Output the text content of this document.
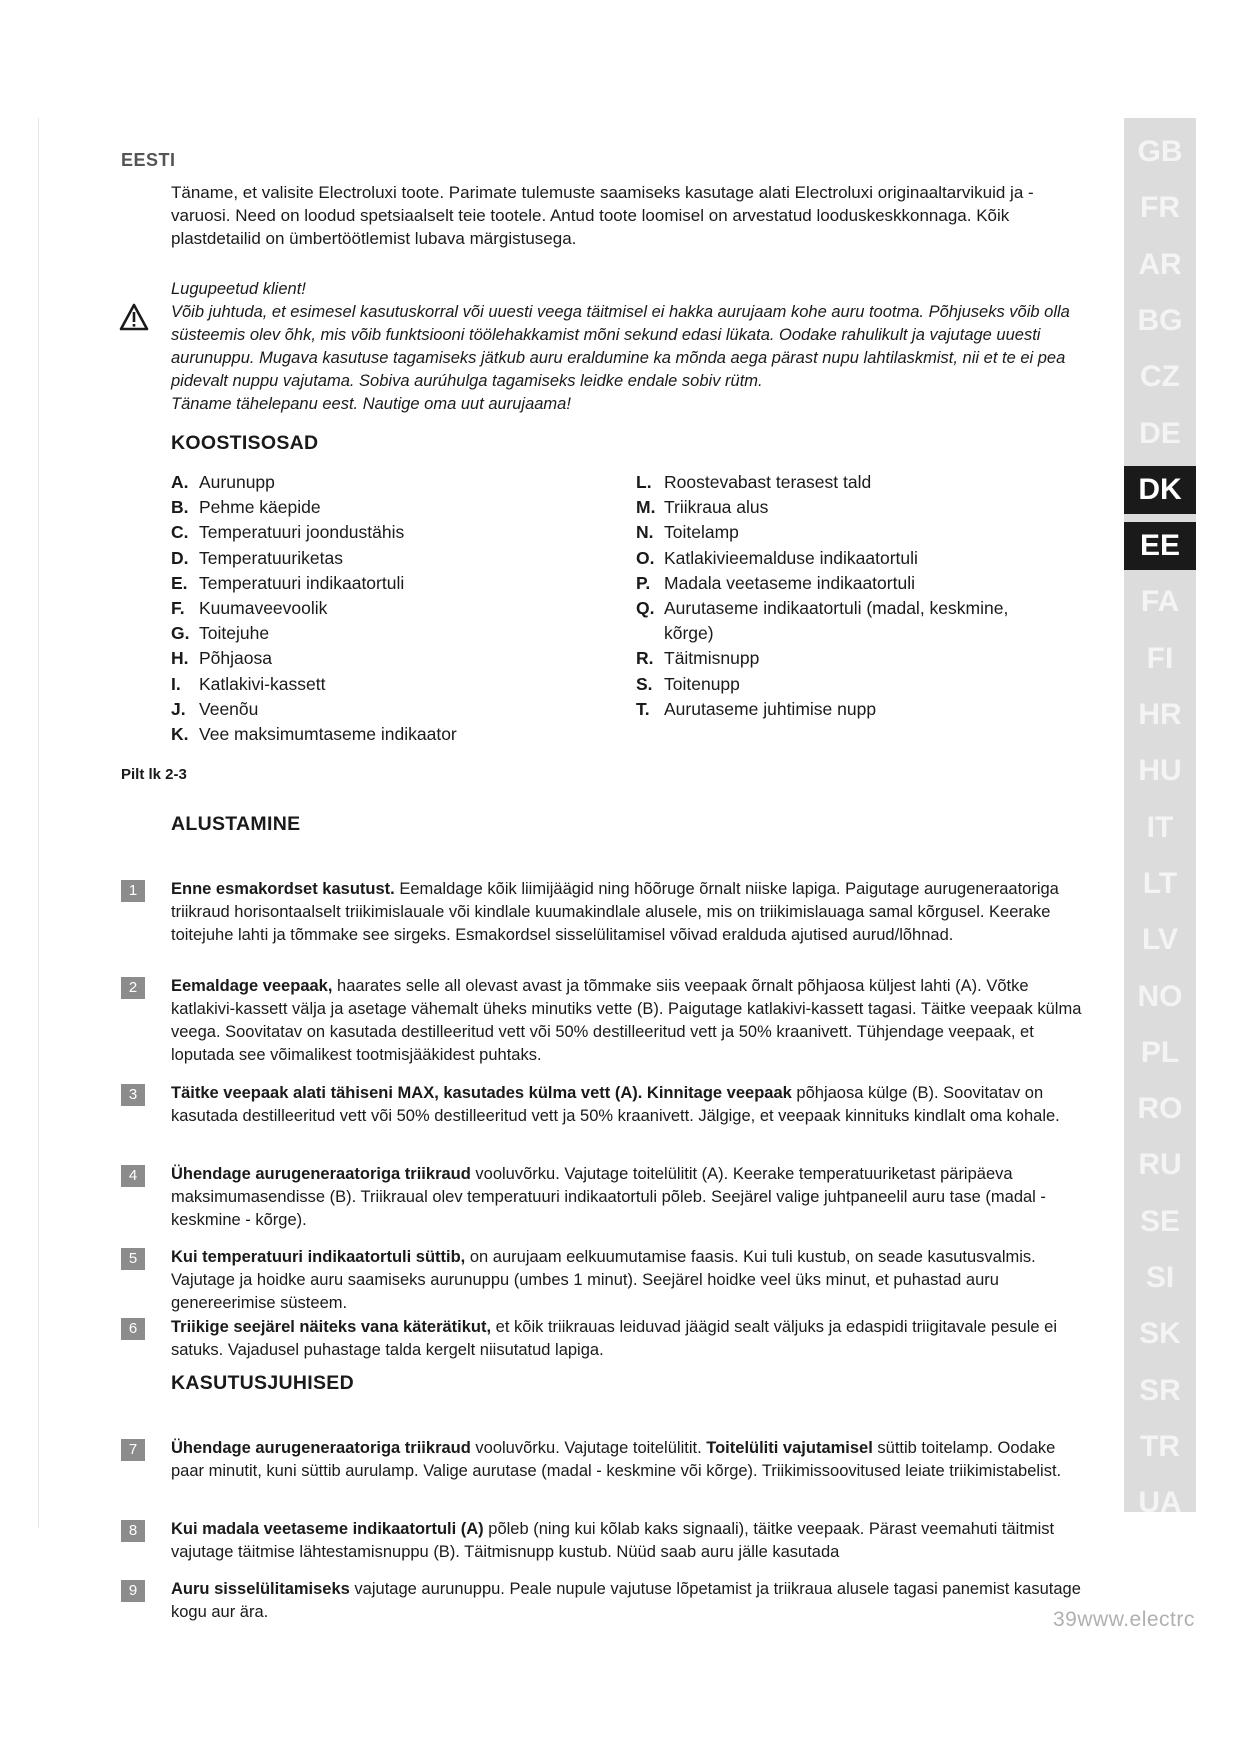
EESTI
Täname, et valisite Electroluxi toote. Parimate tulemuste saamiseks kasutage alati Electroluxi originaaltarvikuid ja -varuosi. Need on loodud spetsiaalselt teie tootele. Antud toote loomisel on arvestatud looduskeskkonnaga. Kõik plastdetailid on ümbertöötlemist lubava märgistusega.
Lugupeetud klient!
Võib juhtuda, et esimesel kasutuskorral või uuesti veega täitmisel ei hakka aurujaam kohe auru tootma. Põhjuseks võib olla süsteemis olev õhk, mis võib funktsiooni töölehakkamist mõni sekund edasi lükata. Oodake rahulikult ja vajutage uuesti aurunuppu. Mugava kasutuse tagamiseks jätkub auru eraldumine ka mõnda aega pärast nupu lahtilaskmist, nii et te ei pea pidevalt nuppu vajutama. Sobiva aurúhulga tagamiseks leidke endale sobiv rütm.
Täname tähelepanu eest. Nautige oma uut aurujaama!
KOOSTISOSAD
A. Aurunupp
B. Pehme käepide
C. Temperatuuri joondustähis
D. Temperatuuriketas
E. Temperatuuri indikaatortuli
F. Kuumaveevoolik
G. Toitejuhe
H. Põhjaosa
I.	Katlakivi-kassett
J. Veenõu
K. Vee maksimumtaseme indikaator
L. Roostevabast terasest tald
M. Triikraua alus
N. Toitelamp
O. Katlakivieemalduse indikaatortuli
P. Madala veetaseme indikaatortuli
Q. Aurutaseme indikaatortuli (madal, keskmine,
kõrge)
R. Täitmisnupp
S. Toitenupp
T. Aurutaseme juhtimise nupp
Pilt lk 2-3
ALUSTAMINE
1	Enne esmakordset kasutust. Eemaldage kõik liimijäägid ning hõõruge õrnalt niiske lapiga. Paigutage aurugeneraatoriga triikraud horisontaalselt triikimislauale või kindlale kuumakindlale alusele, mis on triikimislauaga samal kõrgusel. Keerake toitejuhe lahti ja tõmmake see sirgeks. Esmakordsel sisselülitamisel võivad eralduda ajutised aurud/lõhnad.
2	Eemaldage veepaak, haarates selle all olevast avast ja tõmmake siis veepaak õrnalt põhjaosa küljest lahti (A). Võtke katlakivi-kassett välja ja asetage vähemalt üheks minutiks vette (B). Paigutage katlakivi-kassett tagasi. Täitke veepaak külma veega. Soovitatav on kasutada destilleeritud vett või 50% destilleeritud vett ja 50% kraanivett. Tühjendage veepaak, et loputada see võimalikest tootmisjääkidest puhtaks.
3	Täitke veepaak alati tähiseni MAX, kasutades külma vett (A). Kinnitage veepaak põhjaosa külge (B). Soovitatav on kasutada destilleeritud vett või 50% destilleeritud vett ja 50% kraanivett. Jälgige, et veepaak kinnituks kindlalt oma kohale.
4	Ühendage aurugeneraatoriga triikraud vooluvõrku. Vajutage toitelülitit (A). Keerake temperatuuriketast päripäeva maksimumasendisse (B). Triikraual olev temperatuuri indikaatortuli põleb. Seejärel valige juhtpaneelil auru tase (madal -keskmine - kõrge).
5	Kui temperatuuri indikaatortuli süttib, on aurujaam eelkuumutamise faasis. Kui tuli kustub, on seade kasutusvalmis. Vajutage ja hoidke auru saamiseks aurunuppu (umbes 1 minut). Seejärel hoidke veel üks minut, et puhastad auru genereerimise süsteem.
6	Triikige seejärel näiteks vana käterätikut, et kõik triikrauas leiduvad jäägid sealt väljuks ja edaspidi triigitavale pesule ei satuks. Vajadusel puhastage talda kergelt niisutatud lapiga.
KASUTUSJUHISED
7	Ühendage aurugeneraatoriga triikraud vooluvõrku. Vajutage toitelülitit. Toitelüliti vajutamisel süttib toitelamp. Oodake paar minutit, kuni süttib aurulamp. Valige aurutase (madal - keskmine või kõrge). Triikimissoovitused leiate triikimistabelist.
8	Kui madala veetaseme indikaatortuli (A) põleb (ning kui kõlab kaks signaali), täitke veepaak. Pärast veemahuti täitmist vajutage täitmise lähtestamisnuppu (B). Täitmisnupp kustub. Nüüd saab auru jälle kasutada
9	Auru sisselülitamiseks vajutage aurunuppu. Peale nupule vajutuse lõpetamist ja triikraua alusele tagasi panemist kasutage kogu aur ära.
GB
FR
AR
BG
CZ
DE
DK
EE
FA
FI
HR
HU
IT
LT
LV
NO
PL
RO
RU
SE
SI
SK
SR
TR
UA
39www.electrc
